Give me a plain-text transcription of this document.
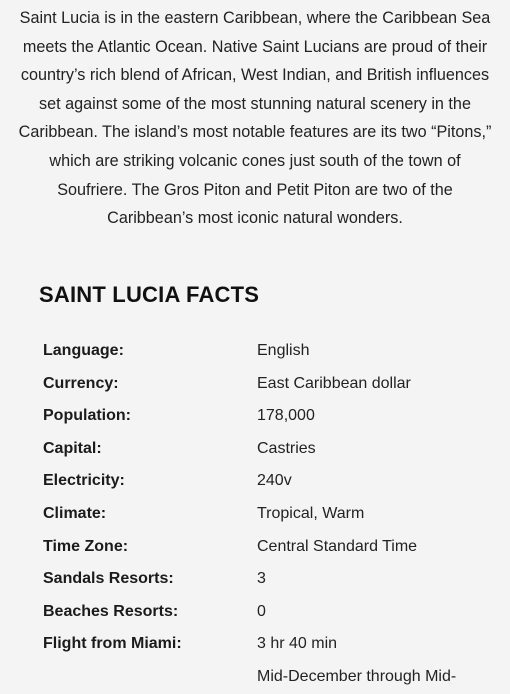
Saint Lucia is in the eastern Caribbean, where the Caribbean Sea
meets the Atlantic Ocean. Native Saint Lucians are proud of their
country’s rich blend of African, West Indian, and British influences
set against some of the most stunning natural scenery in the
Caribbean. The island’s most notable features are its two “Pitons,”
which are striking volcanic cones just south of the town of
Soufriere. The Gros Piton and Petit Piton are two of the
Caribbean’s most iconic natural wonders.

SAINT LUCIA FACTS
Language:	English
Currency:	East Caribbean dollar
Population:	178,000
Capital:	Castries
Electricity:	240v
Climate:	Tropical, Warm
Time Zone:	Central Standard Time
Sandals Resorts:	3
Beaches Resorts:	0
Flight from Miami:	3 hr 40 min
Mid-December through Mid-
